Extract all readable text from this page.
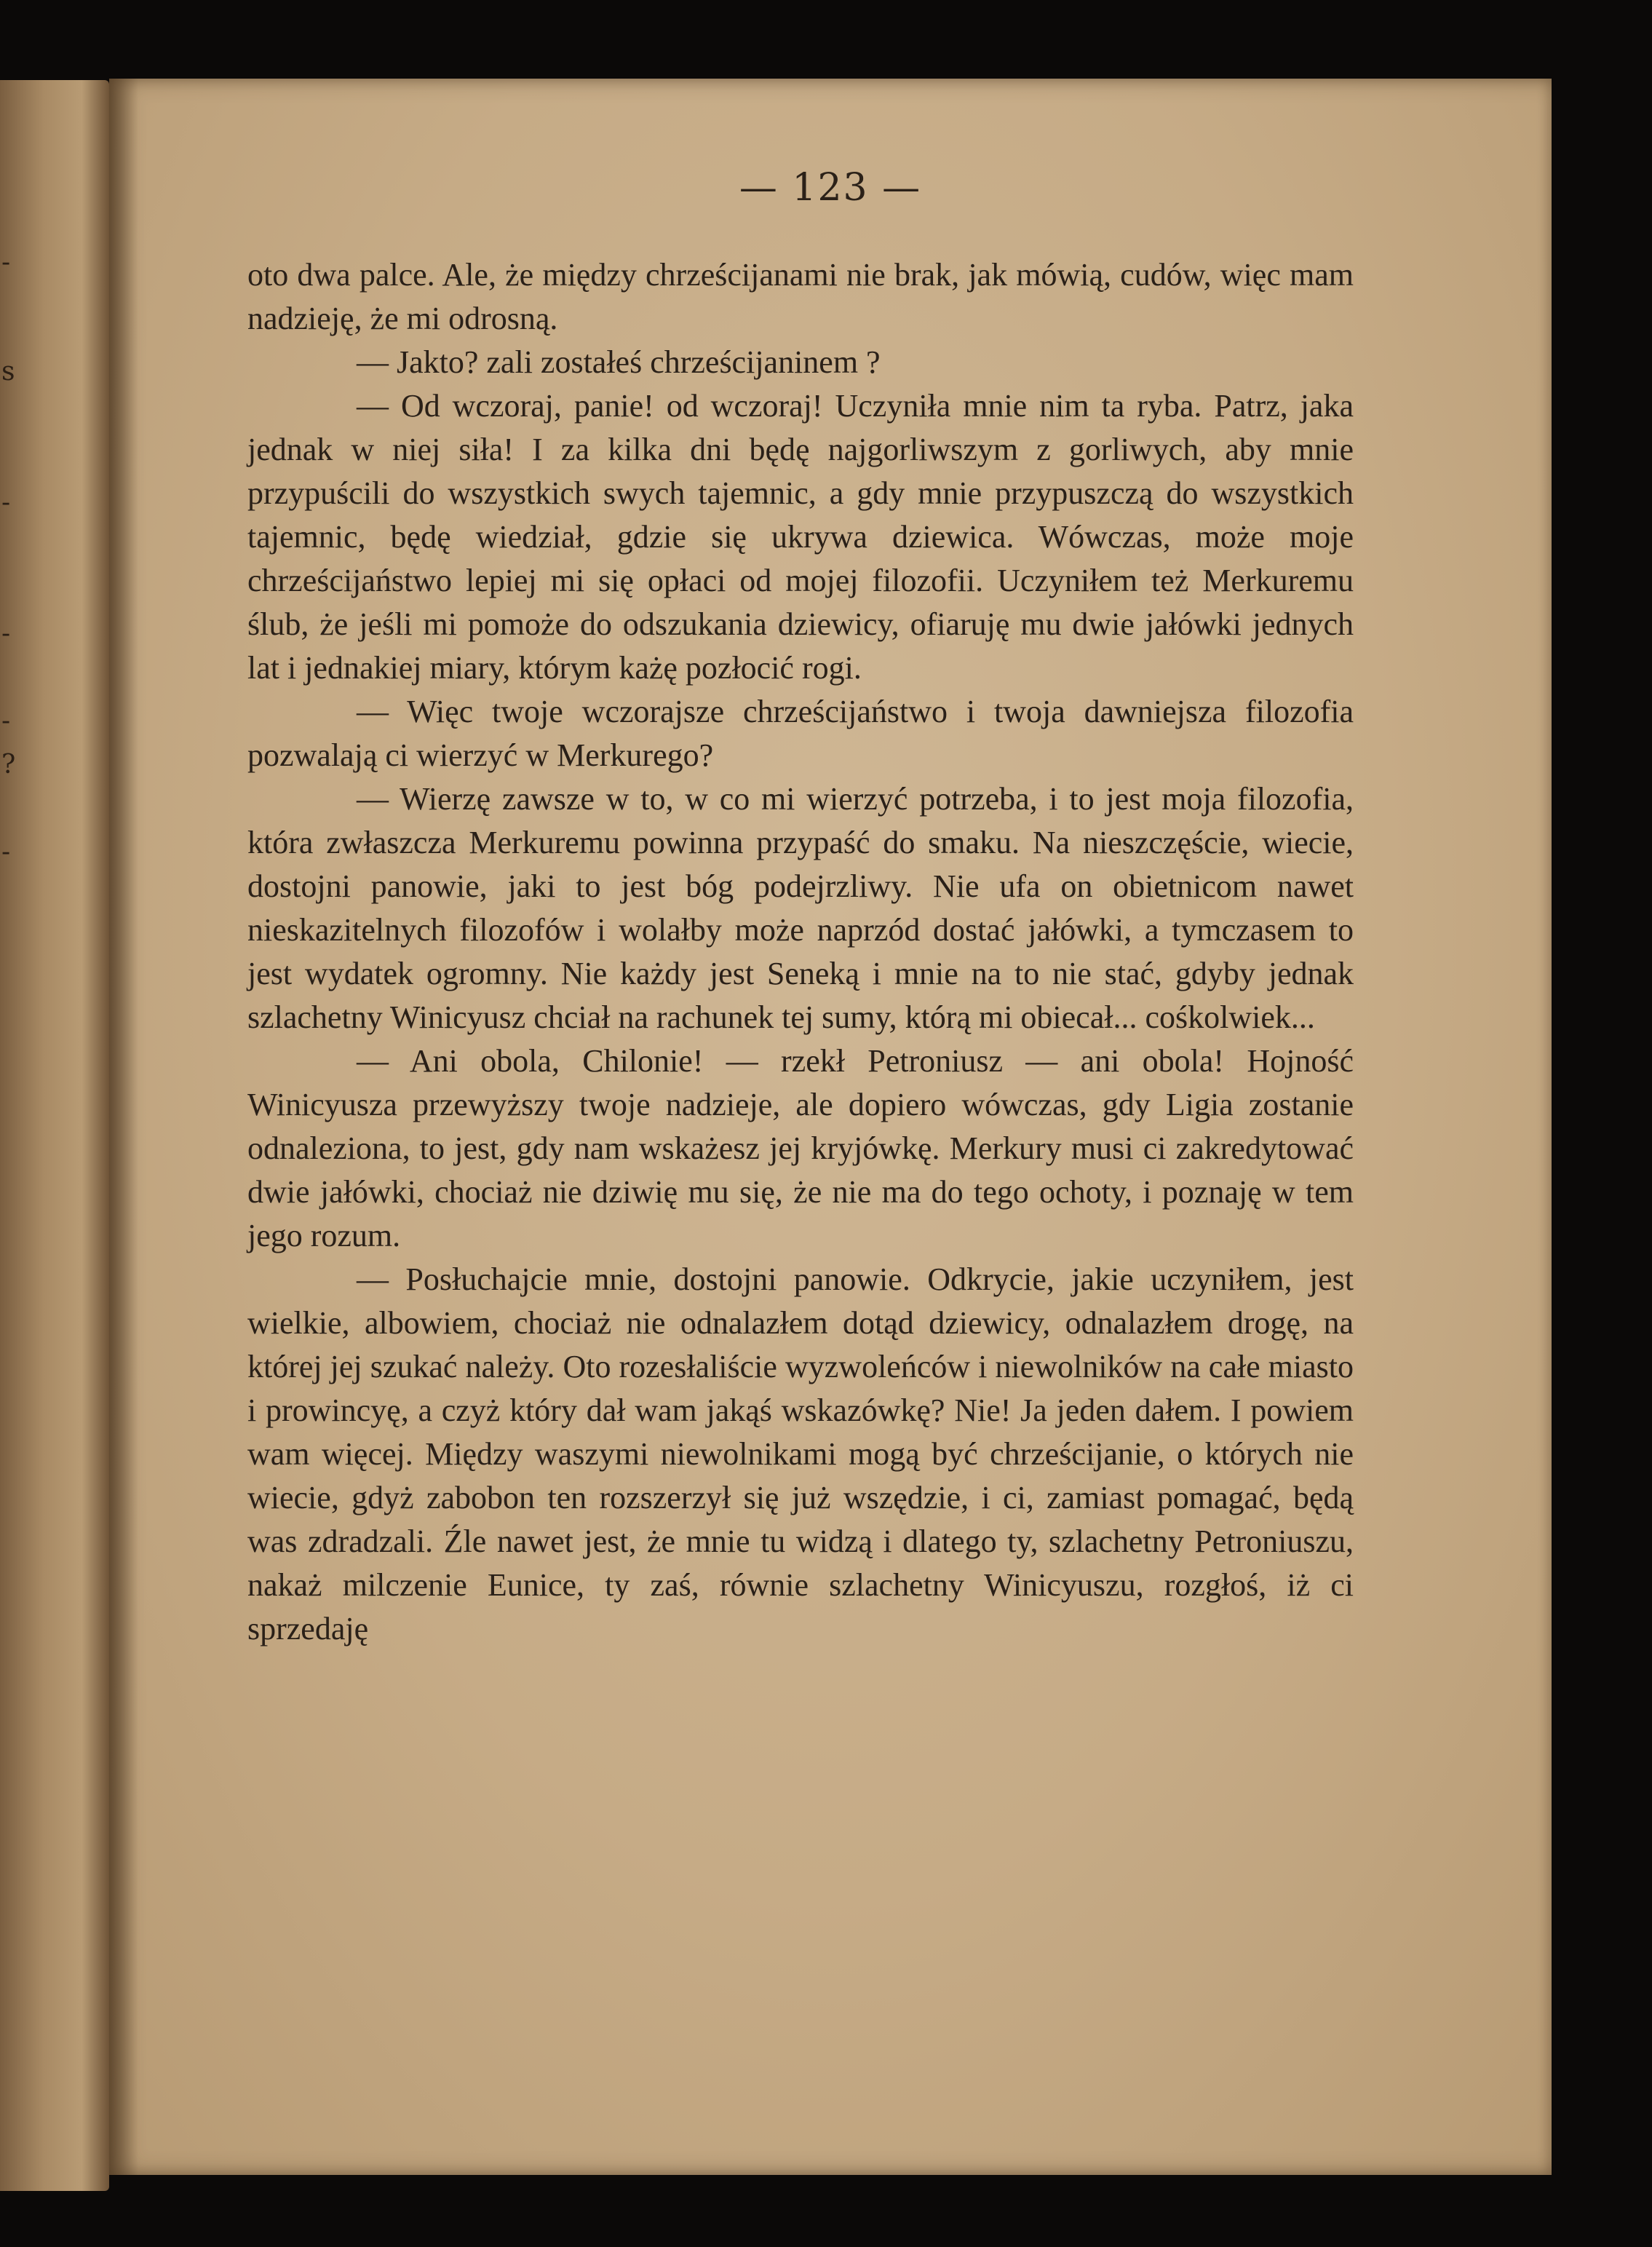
-
s
-
-
-
?
-
— 123 —

oto dwa palce. Ale, że między chrześcijanami nie brak, jak mówią, cudów, więc mam nadzieję, że mi odrosną.

— Jakto? zali zostałeś chrześcijaninem ?

— Od wczoraj, panie! od wczoraj! Uczyniła mnie nim ta ryba. Patrz, jaka jednak w niej siła! I za kilka dni będę najgorliwszym z gorliwych, aby mnie przypuścili do wszystkich swych tajemnic, a gdy mnie przypuszczą do wszystkich tajemnic, będę wiedział, gdzie się ukrywa dziewica. Wówczas, może moje chrześcijaństwo lepiej mi się opłaci od mojej filozofii. Uczyniłem też Merkuremu ślub, że jeśli mi pomoże do odszukania dziewicy, ofiaruję mu dwie jałówki jednych lat i jednakiej miary, którym każę pozłocić rogi.

— Więc twoje wczorajsze chrześcijaństwo i twoja dawniejsza filozofia pozwalają ci wierzyć w Merkurego?

— Wierzę zawsze w to, w co mi wierzyć potrzeba, i to jest moja filozofia, która zwłaszcza Merkuremu powinna przypaść do smaku. Na nieszczęście, wiecie, dostojni panowie, jaki to jest bóg podejrzliwy. Nie ufa on obietnicom nawet nieskazitelnych filozofów i wolałby może naprzód dostać jałówki, a tymczasem to jest wydatek ogromny. Nie każdy jest Seneką i mnie na to nie stać, gdyby jednak szlachetny Winicyusz chciał na rachunek tej sumy, którą mi obiecał... cośkolwiek...

— Ani obola, Chilonie! — rzekł Petroniusz — ani obola! Hojność Winicyusza przewyższy twoje nadzieje, ale dopiero wówczas, gdy Ligia zostanie odnaleziona, to jest, gdy nam wskażesz jej kryjówkę. Merkury musi ci zakredytować dwie jałówki, chociaż nie dziwię mu się, że nie ma do tego ochoty, i poznaję w tem jego rozum.

— Posłuchajcie mnie, dostojni panowie. Odkrycie, jakie uczyniłem, jest wielkie, albowiem, chociaż nie odnalazłem dotąd dziewicy, odnalazłem drogę, na której jej szukać należy. Oto rozesłaliście wyzwoleńców i niewolników na całe miasto i prowincyę, a czyż który dał wam jakąś wskazówkę? Nie! Ja jeden dałem. I powiem wam więcej. Między waszymi niewolnikami mogą być chrześcijanie, o których nie wiecie, gdyż zabobon ten rozszerzył się już wszędzie, i ci, zamiast pomagać, będą was zdradzali. Źle nawet jest, że mnie tu widzą i dlatego ty, szlachetny Petroniuszu, nakaż milczenie Eunice, ty zaś, równie szlachetny Winicyuszu, rozgłoś, iż ci sprzedaję
